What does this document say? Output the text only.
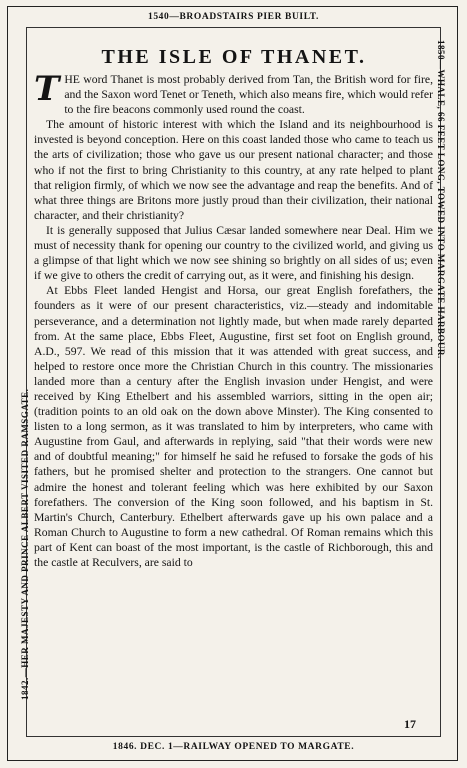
1540—BROADSTAIRS PIER BUILT.
1846. DEC. 1—RAILWAY OPENED TO MARGATE.
1842.—HER MAJESTY AND PRINCE ALBERT VISITED RAMSGATE.
1850—WHALE, 66 FEET LONG, TOWED INTO MARGATE HARBOUR.
THE ISLE OF THANET.

THE word Thanet is most probably derived from Tan, the British word for fire, and the Saxon word Tenet or Teneth, which also means fire, which would refer to the fire beacons commonly used round the coast.

The amount of historic interest with which the Island and its neighbourhood is invested is beyond conception. Here on this coast landed those who came to teach us the arts of civilization; those who gave us our present national character; and those who if not the first to bring Christianity to this country, at any rate helped to plant that religion firmly, of which we now see the advantage and reap the benefits. And of what three things are Britons more justly proud than their civilization, their national character, and their christianity?

It is generally supposed that Julius Cæsar landed somewhere near Deal. Him we must of necessity thank for opening our country to the civilized world, and giving us a glimpse of that light which we now see shining so brightly on all sides of us; even if we give to others the credit of carrying out, as it were, and finishing his design.

At Ebbs Fleet landed Hengist and Horsa, our great English forefathers, the founders as it were of our present characteristics, viz.—steady and indomitable perseverance, and a determination not lightly made, but when made rarely departed from. At the same place, Ebbs Fleet, Augustine, first set foot on English ground, A.D., 597. We read of this mission that it was attended with great success, and helped to restore once more the Christian Church in this country. The missionaries landed more than a century after the English invasion under Hengist, and were received by King Ethelbert and his assembled warriors, sitting in the open air; (tradition points to an old oak on the down above Minster). The King consented to listen to a long sermon, as it was translated to him by interpreters, who came with Augustine from Gaul, and afterwards in replying, said "that their words were new and of doubtful meaning;" for himself he said he refused to forsake the gods of his fathers, but he promised shelter and protection to the strangers. One cannot but admire the honest and tolerant feeling which was here exhibited by our Saxon forefathers. The conversion of the King soon followed, and his baptism in St. Martin's Church, Canterbury. Ethelbert afterwards gave up his own palace and a Roman Church to Augustine to form a new cathedral. Of Roman remains which this part of Kent can boast of the most important, is the castle of Richborough, this and the castle at Reculvers, are said to

17
